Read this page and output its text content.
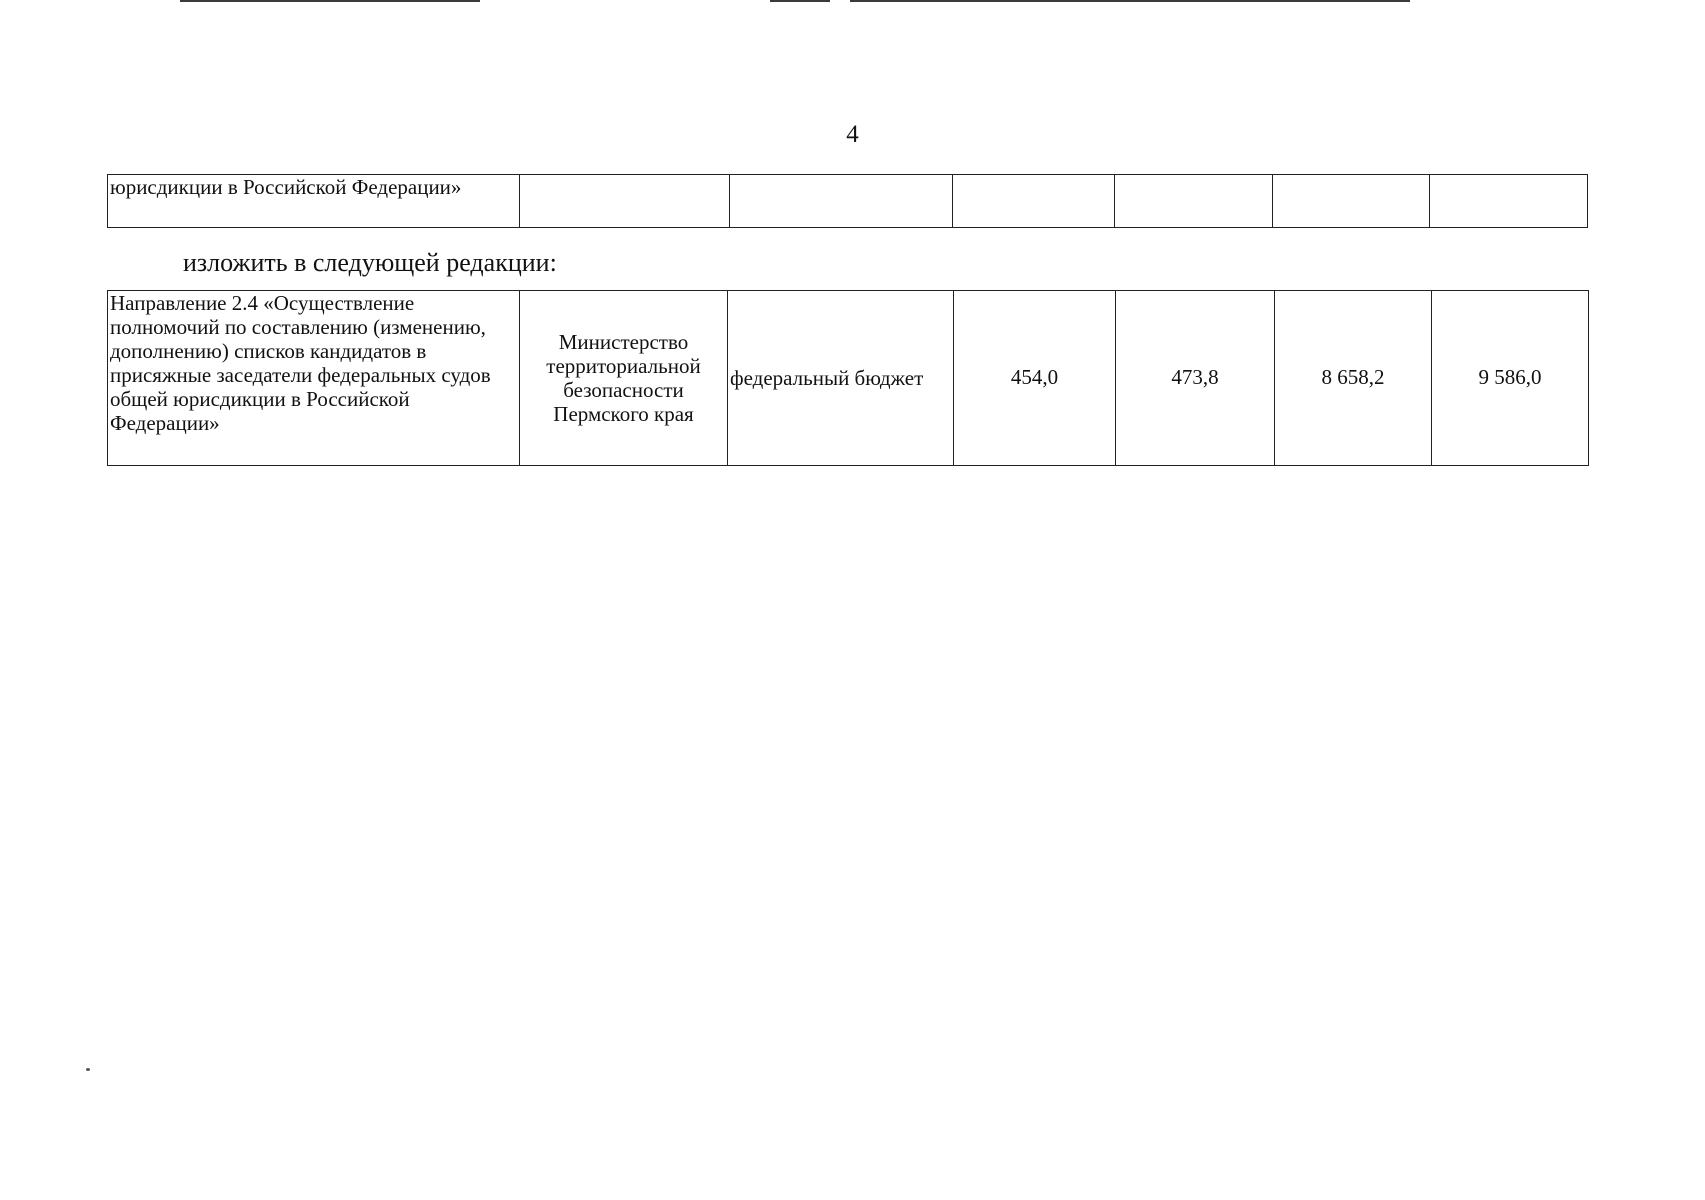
4
юрисдикции в Российской Федерации»						
изложить в следующей редакции:
Направление 2.4 «Осуществление полномочий по составлению (изменению, дополнению) списков кандидатов в присяжные заседатели федеральных судов общей юрисдикции в Российской Федерации»	Министерство территориальной безопасности Пермского края	федеральный бюджет	454,0	473,8	8 658,2	9 586,0
